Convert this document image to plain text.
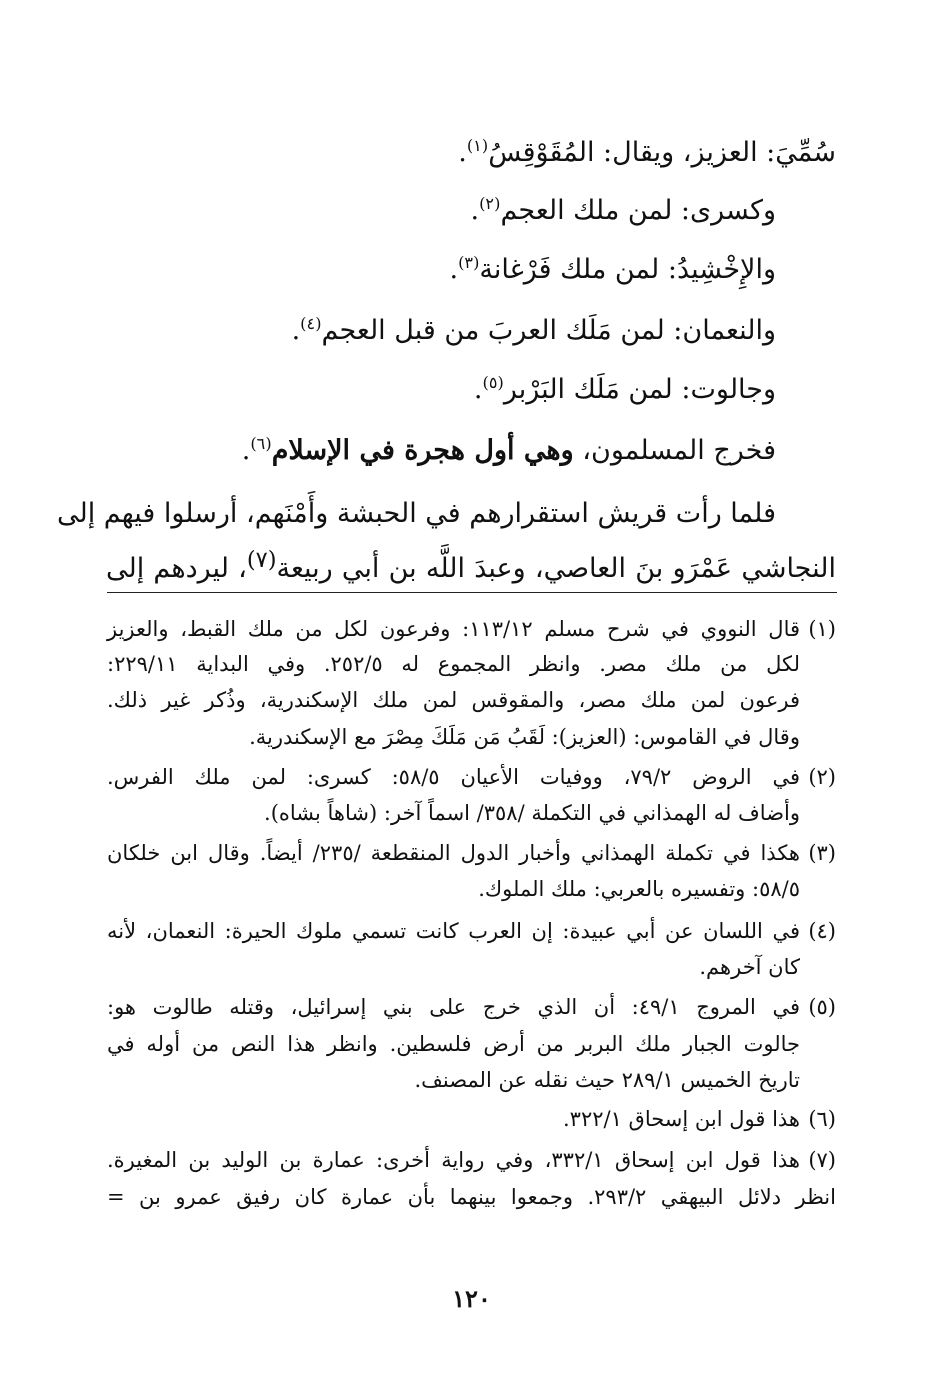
سُمِّيَ: العزيز، ويقال: المُقَوْقِسُ$^{(١)}$.
وكسرى: لمن ملك العجم$^{(٢)}$.
والإِخْشِيدُ: لمن ملك فَرْغانة$^{(٣)}$.
والنعمان: لمن مَلَك العربَ من قبل العجم$^{(٤)}$.
وجالوت: لمن مَلَك البَرْبر$^{(٥)}$.
فخرج المسلمون، وهي أول هجرة في الإسلام$^{(٦)}$.
فلما رأت قريش استقرارهم في الحبشة وأَمْنَهم، أرسلوا فيهم إلى
النجاشي عَمْرَو بنَ العاصي، وعبدَ اللَّه بن أبي ربيعة$^{(٧)}$، ليردهم إلى
(١)
قال النووي في شرح مسلم ١١٣/١٢: وفرعون لكل من ملك القبط، والعزيز
لكل من ملك مصر. وانظر المجموع له ٢٥٢/٥. وفي البداية ٢٢٩/١١:
فرعون لمن ملك مصر، والمقوقس لمن ملك الإسكندرية، وذُكر غير ذلك.
وقال في القاموس: (العزيز): لَقَبُ مَن مَلَكَ مِصْرَ مع الإسكندرية.
(٢)
في الروض ٧٩/٢، ووفيات الأعيان ٥٨/٥: كسرى: لمن ملك الفرس.
وأضاف له الهمذاني في التكملة /٣٥٨/ اسماً آخر: (شاهاً بشاه).
(٣)
هكذا في تكملة الهمذاني وأخبار الدول المنقطعة /٢٣٥/ أيضاً. وقال ابن خلكان
٥٨/٥: وتفسيره بالعربي: ملك الملوك.
(٤)
في اللسان عن أبي عبيدة: إن العرب كانت تسمي ملوك الحيرة: النعمان، لأنه
كان آخرهم.
(٥)
في المروج ٤٩/١: أن الذي خرج على بني إسرائيل، وقتله طالوت هو:
جالوت الجبار ملك البربر من أرض فلسطين. وانظر هذا النص من أوله في
تاريخ الخميس ٢٨٩/١ حيث نقله عن المصنف.
(٦)
هذا قول ابن إسحاق ٣٢٢/١.
(٧)
هذا قول ابن إسحاق ٣٣٢/١، وفي رواية أخرى: عمارة بن الوليد بن المغيرة.
انظر دلائل البيهقي ٢٩٣/٢. وجمعوا بينهما بأن عمارة كان رفيق عمرو بن =
١٢٠
